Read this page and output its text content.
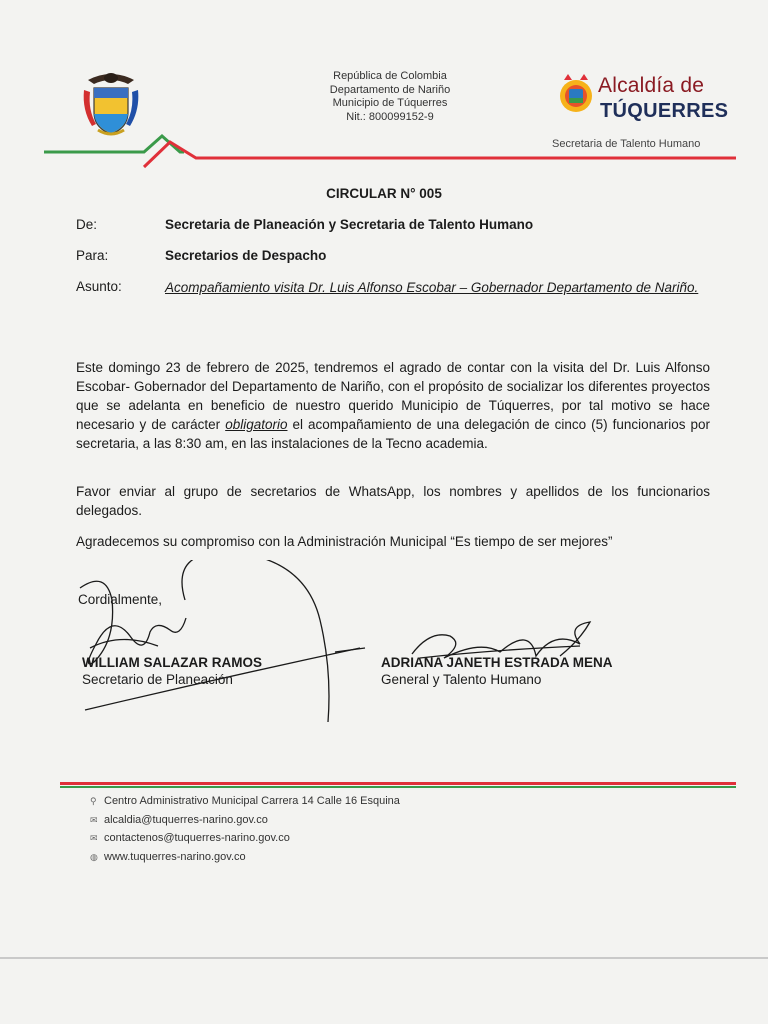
República de Colombia
Departamento de Nariño
Municipio de Túquerres
Nit.: 800099152-9
Alcaldía de
TÚQUERRES
Secretaria de Talento Humano
CIRCULAR N° 005
De:	Secretaria de Planeación y Secretaria de Talento Humano
Para:	Secretarios de Despacho
Asunto:	Acompañamiento visita Dr. Luis Alfonso Escobar – Gobernador Departamento de Nariño.
Este domingo 23 de febrero de 2025, tendremos el agrado de contar con la visita del Dr. Luis Alfonso Escobar- Gobernador del Departamento de Nariño, con el propósito de socializar los diferentes proyectos que se adelanta en beneficio de nuestro querido Municipio de Túquerres, por tal motivo se hace necesario y de carácter obligatorio el acompañamiento de una delegación de cinco (5) funcionarios por secretaria, a las 8:30 am, en las instalaciones de la Tecno academia.
Favor enviar al grupo de secretarios de WhatsApp, los nombres y apellidos de los funcionarios delegados.
Agradecemos su compromiso con la Administración Municipal “Es tiempo de ser mejores”
Cordialmente,
WILLIAM SALAZAR RAMOS
Secretario de Planeación
ADRIANA JANETH ESTRADA MENA
General y Talento Humano
⚲ Centro Administrativo Municipal Carrera 14 Calle 16 Esquina
✉ alcaldia@tuquerres-narino.gov.co
✉ contactenos@tuquerres-narino.gov.co
◍ www.tuquerres-narino.gov.co
